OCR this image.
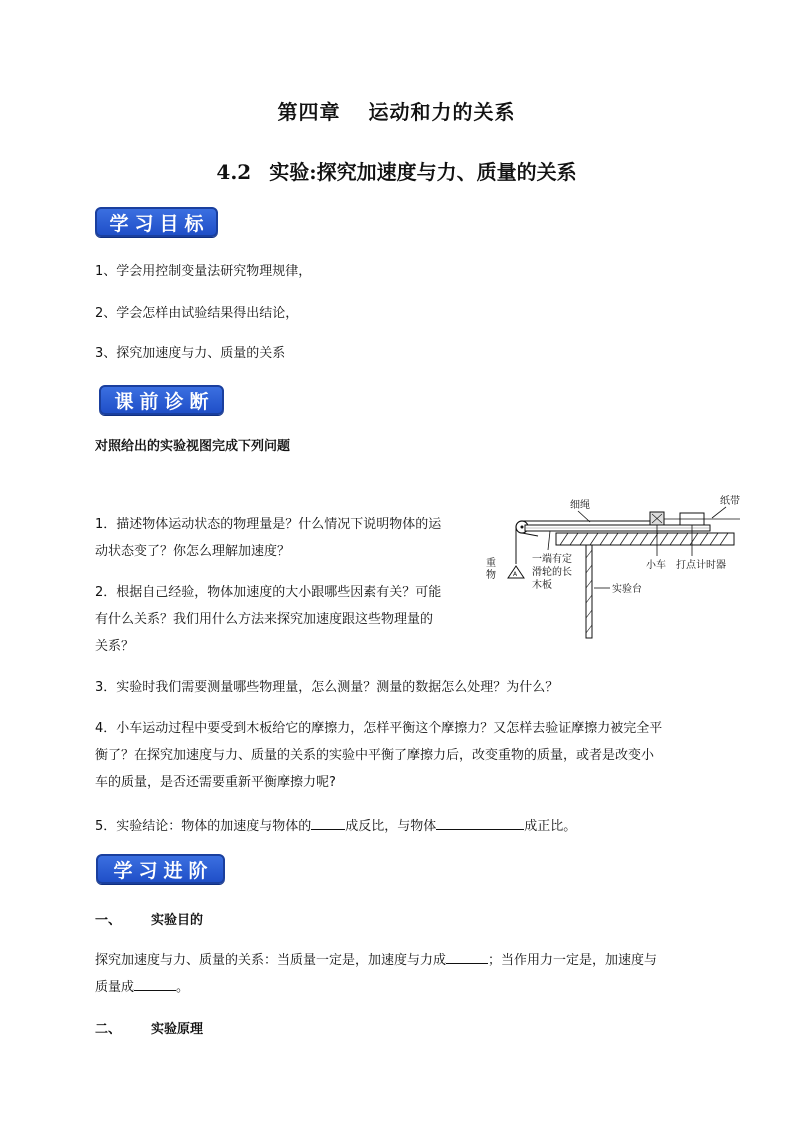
第四章 运动和力的关系
4.2 实验:探究加速度与力、质量的关系
学习目标
1、学会用控制变量法研究物理规律，
2、学会怎样由试验结果得出结论，
3、探究加速度与力、质量的关系
课前诊断
对照给出的实验视图完成下列问题
1．描述物体运动状态的物理量是？什么情况下说明物体的运
动状态变了？你怎么理解加速度？
2．根据自己经验，物体加速度的大小跟哪些因素有关？可能
有什么关系？我们用什么方法来探究加速度跟这些物理量的
关系？
细绳	纸带
A
重
物
一端有定
滑轮的长
木板	实验台
小车 打点计时器
3．实验时我们需要测量哪些物理量，怎么测量？测量的数据怎么处理？为什么？
4．小车运动过程中要受到木板给它的摩擦力，怎样平衡这个摩擦力？又怎样去验证摩擦力被完全平
衡了？在探究加速度与力、质量的关系的实验中平衡了摩擦力后，改变重物的质量，或者是改变小
车的质量，是否还需要重新平衡摩擦力呢?
5．实验结论：物体的加速度与物体的	成反比，与物体	成正比。
学习进阶
一、 实验目的
探究加速度与力、质量的关系：当质量一定是，加速度与力成	；当作用力一定是，加速度与
质量成	。
二、 实验原理
